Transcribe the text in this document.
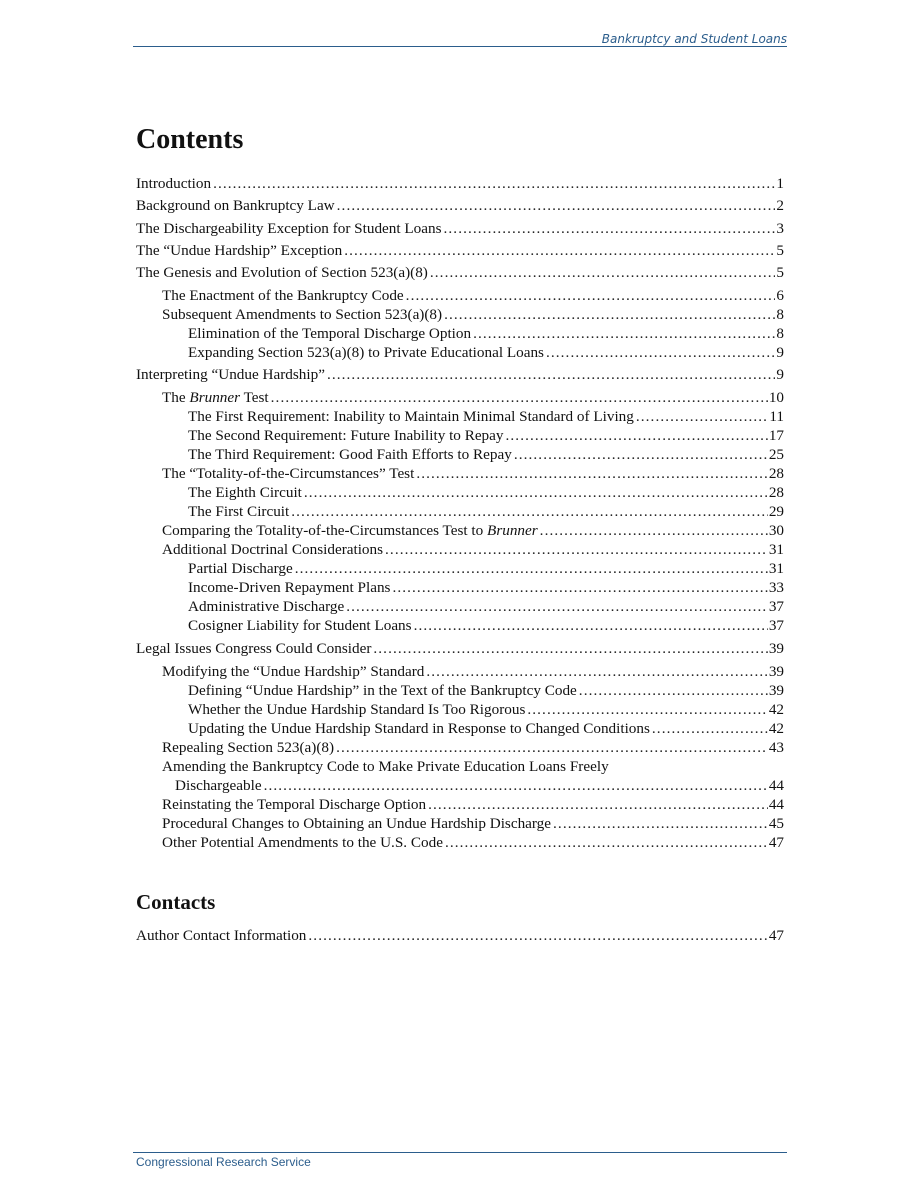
Bankruptcy and Student Loans
Contents
Introduction .....	1
Background on Bankruptcy Law .....	2
The Dischargeability Exception for Student Loans .....	3
The “Undue Hardship” Exception .....	5
The Genesis and Evolution of Section 523(a)(8) .....	5
The Enactment of the Bankruptcy Code .....	6
Subsequent Amendments to Section 523(a)(8) .....	8
Elimination of the Temporal Discharge Option .....	8
Expanding Section 523(a)(8) to Private Educational Loans .....	9
Interpreting “Undue Hardship” .....	9
The Brunner Test .....	10
The First Requirement: Inability to Maintain Minimal Standard of Living .....	11
The Second Requirement: Future Inability to Repay .....	17
The Third Requirement: Good Faith Efforts to Repay .....	25
The “Totality-of-the-Circumstances” Test .....	28
The Eighth Circuit .....	28
The First Circuit .....	29
Comparing the Totality-of-the-Circumstances Test to Brunner .....	30
Additional Doctrinal Considerations .....	31
Partial Discharge .....	31
Income-Driven Repayment Plans .....	33
Administrative Discharge .....	37
Cosigner Liability for Student Loans .....	37
Legal Issues Congress Could Consider .....	39
Modifying the “Undue Hardship” Standard .....	39
Defining “Undue Hardship” in the Text of the Bankruptcy Code .....	39
Whether the Undue Hardship Standard Is Too Rigorous .....	42
Updating the Undue Hardship Standard in Response to Changed Conditions .....	42
Repealing Section 523(a)(8) .....	43
Amending the Bankruptcy Code to Make Private Education Loans Freely
Dischargeable .....	44
Reinstating the Temporal Discharge Option .....	44
Procedural Changes to Obtaining an Undue Hardship Discharge .....	45
Other Potential Amendments to the U.S. Code .....	47
Contacts
Author Contact Information .....	47
Congressional Research Service
